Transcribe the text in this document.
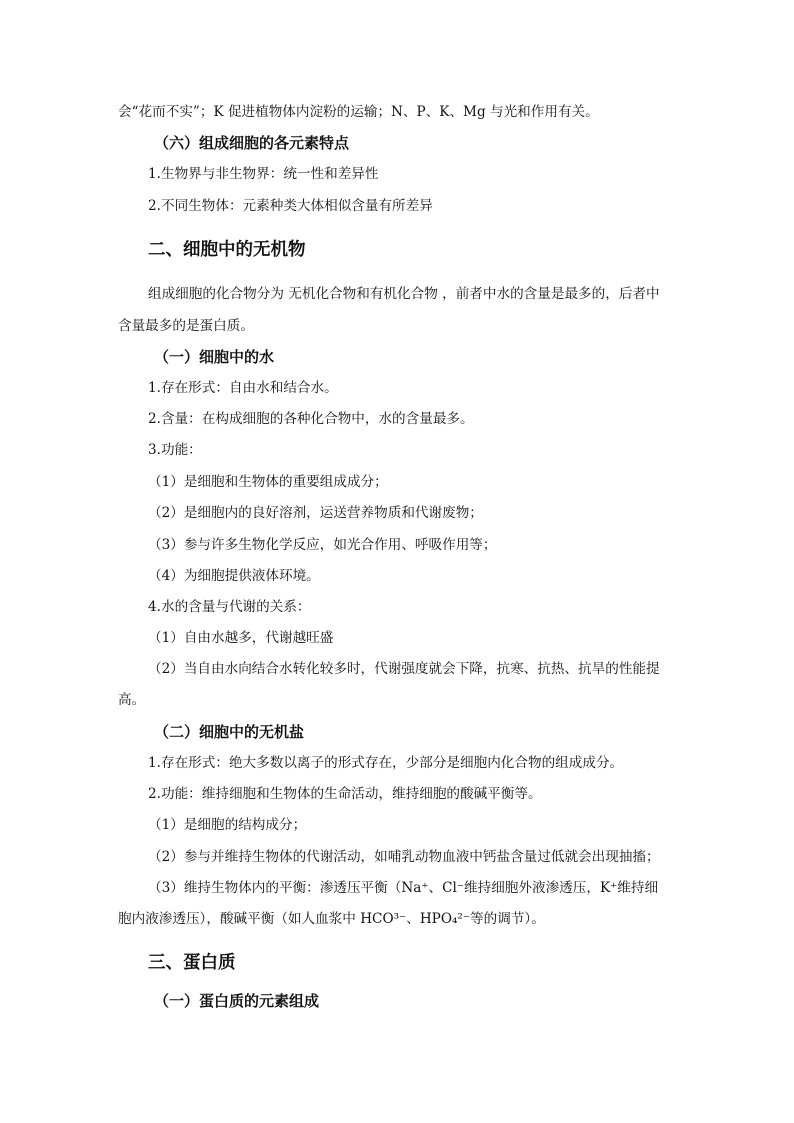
会“花而不实”；K 促进植物体内淀粉的运输；N、P、K、Mg 与光和作用有关。
（六）组成细胞的各元素特点
1.生物界与非生物界：统一性和差异性
2.不同生物体：元素种类大体相似含量有所差异
二、细胞中的无机物
组成细胞的化合物分为 无机化合物和有机化合物 ，前者中水的含量是最多的，后者中
含量最多的是蛋白质。
（一）细胞中的水
1.存在形式：自由水和结合水。
2.含量：在构成细胞的各种化合物中，水的含量最多。
3.功能：
（1）是细胞和生物体的重要组成成分；
（2）是细胞内的良好溶剂，运送营养物质和代谢废物；
（3）参与许多生物化学反应，如光合作用、呼吸作用等；
（4）为细胞提供液体环境。
4.水的含量与代谢的关系：
（1）自由水越多，代谢越旺盛
（2）当自由水向结合水转化较多时，代谢强度就会下降，抗寒、抗热、抗旱的性能提
高。
（二）细胞中的无机盐
1.存在形式：绝大多数以离子的形式存在，少部分是细胞内化合物的组成成分。
2.功能：维持细胞和生物体的生命活动，维持细胞的酸碱平衡等。
（1）是细胞的结构成分；
（2）参与并维持生物体的代谢活动，如哺乳动物血液中钙盐含量过低就会出现抽搐；
（3）维持生物体内的平衡：渗透压平衡（Na⁺、Cl⁻维持细胞外液渗透压，K⁺维持细
胞内液渗透压），酸碱平衡（如人血浆中 HCO³⁻、HPO₄²⁻等的调节）。
三、蛋白质
（一）蛋白质的元素组成
